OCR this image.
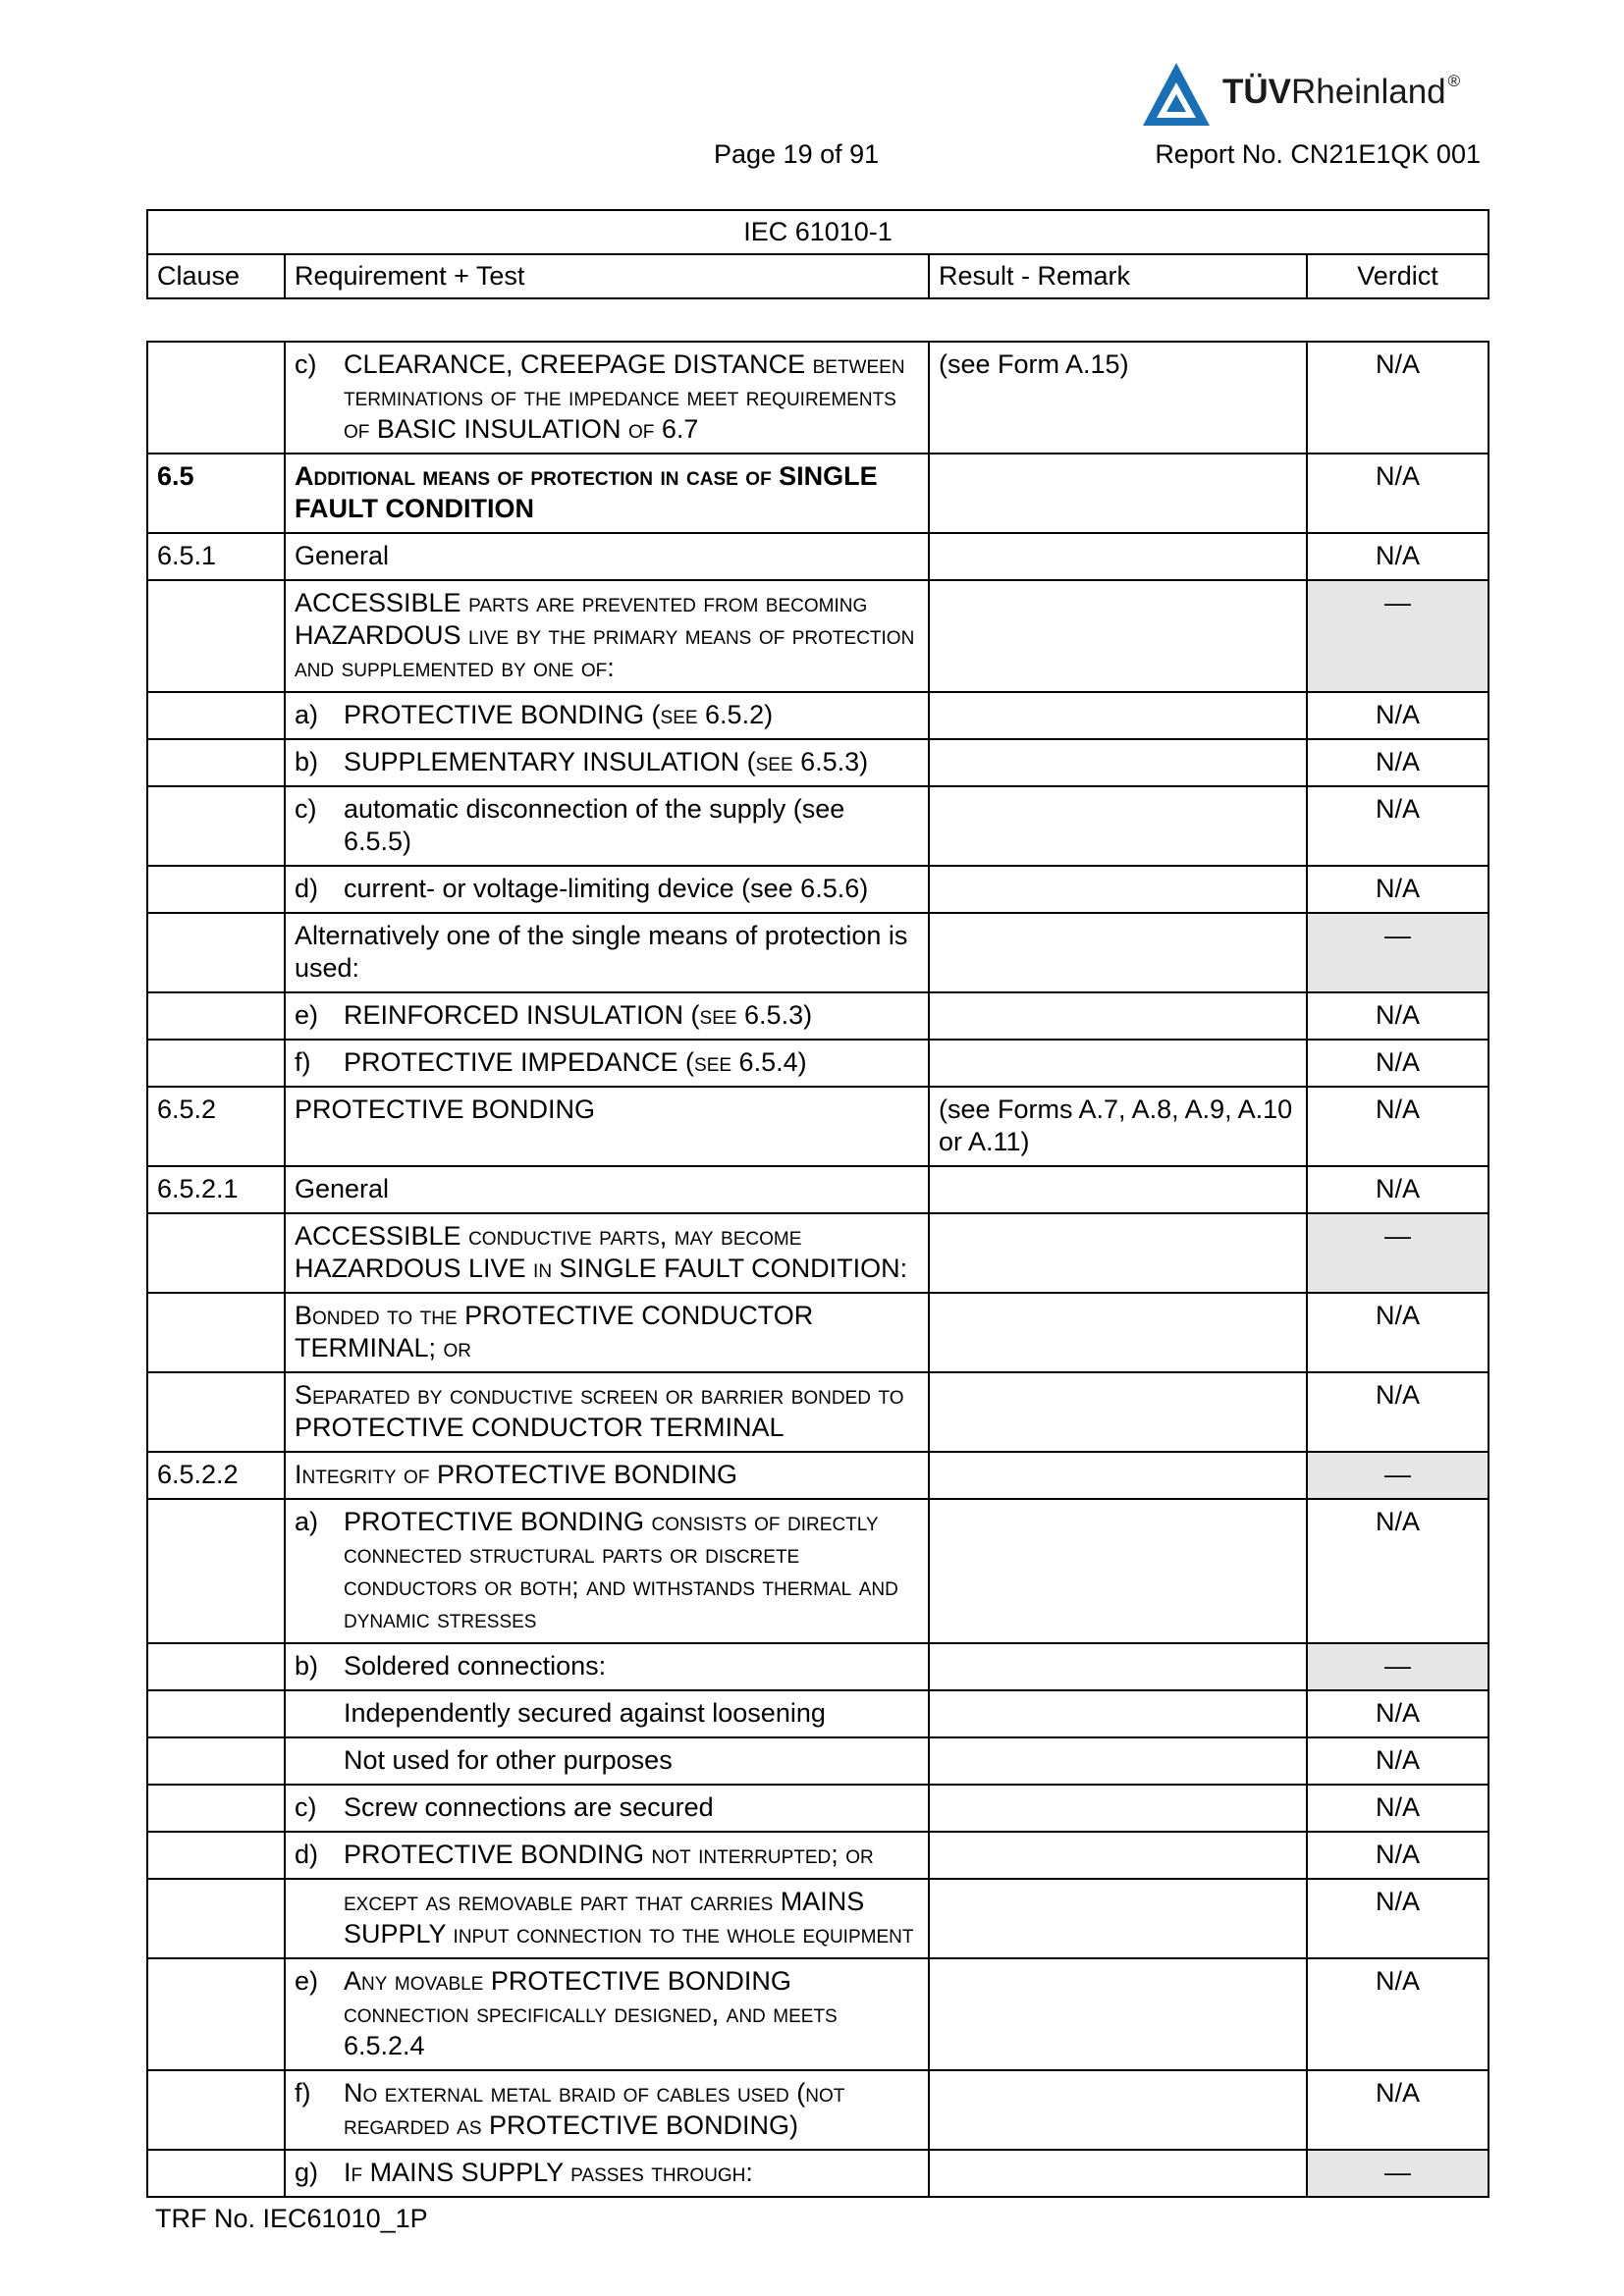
TÜVRheinland ®
Page 19 of 91	Report No. CN21E1QK 001
IEC 61010-1
Clause	Requirement + Test	Result - Remark	Verdict

	c) CLEARANCE, CREEPAGE DISTANCE between terminations of the impedance meet requirements of BASIC INSULATION of 6.7	(see Form A.15)	N/A
6.5	Additional means of protection in case of SINGLE FAULT CONDITION		N/A
6.5.1	General		N/A
	ACCESSIBLE parts are prevented from becoming HAZARDOUS live by the primary means of protection and supplemented by one of:		—

	a) PROTECTIVE BONDING (see 6.5.2)		N/A

	b) SUPPLEMENTARY INSULATION (see 6.5.3)		N/A

	c) automatic disconnection of the supply (see 6.5.5)		N/A

	d) current- or voltage-limiting device (see 6.5.6)		N/A
	Alternatively one of the single means of protection is used:		—

	e) REINFORCED INSULATION (see 6.5.3)		N/A

	f) PROTECTIVE IMPEDANCE (see 6.5.4)		N/A
6.5.2	PROTECTIVE BONDING	(see Forms A.7, A.8, A.9, A.10 or A.11)	N/A
6.5.2.1	General		N/A
	ACCESSIBLE conductive parts, may become HAZARDOUS LIVE in SINGLE FAULT CONDITION:		—
	Bonded to the PROTECTIVE CONDUCTOR TERMINAL; or		N/A
	Separated by conductive screen or barrier bonded to PROTECTIVE CONDUCTOR TERMINAL		N/A
6.5.2.2	Integrity of PROTECTIVE BONDING		—

	a) PROTECTIVE BONDING consists of directly connected structural parts or discrete conductors or both; and withstands thermal and dynamic stresses		N/A

	b) Soldered connections:		—

	Independently secured against loosening		N/A

	Not used for other purposes		N/A

	c) Screw connections are secured		N/A

	d) PROTECTIVE BONDING not interrupted; or		N/A

	except as removable part that carries MAINS SUPPLY input connection to the whole equipment		N/A

	e) Any movable PROTECTIVE BONDING connection specifically designed, and meets 6.5.2.4		N/A

	f) No external metal braid of cables used (not regarded as PROTECTIVE BONDING)		N/A

	g) If MAINS SUPPLY passes through:		—
TRF No. IEC61010_1P
